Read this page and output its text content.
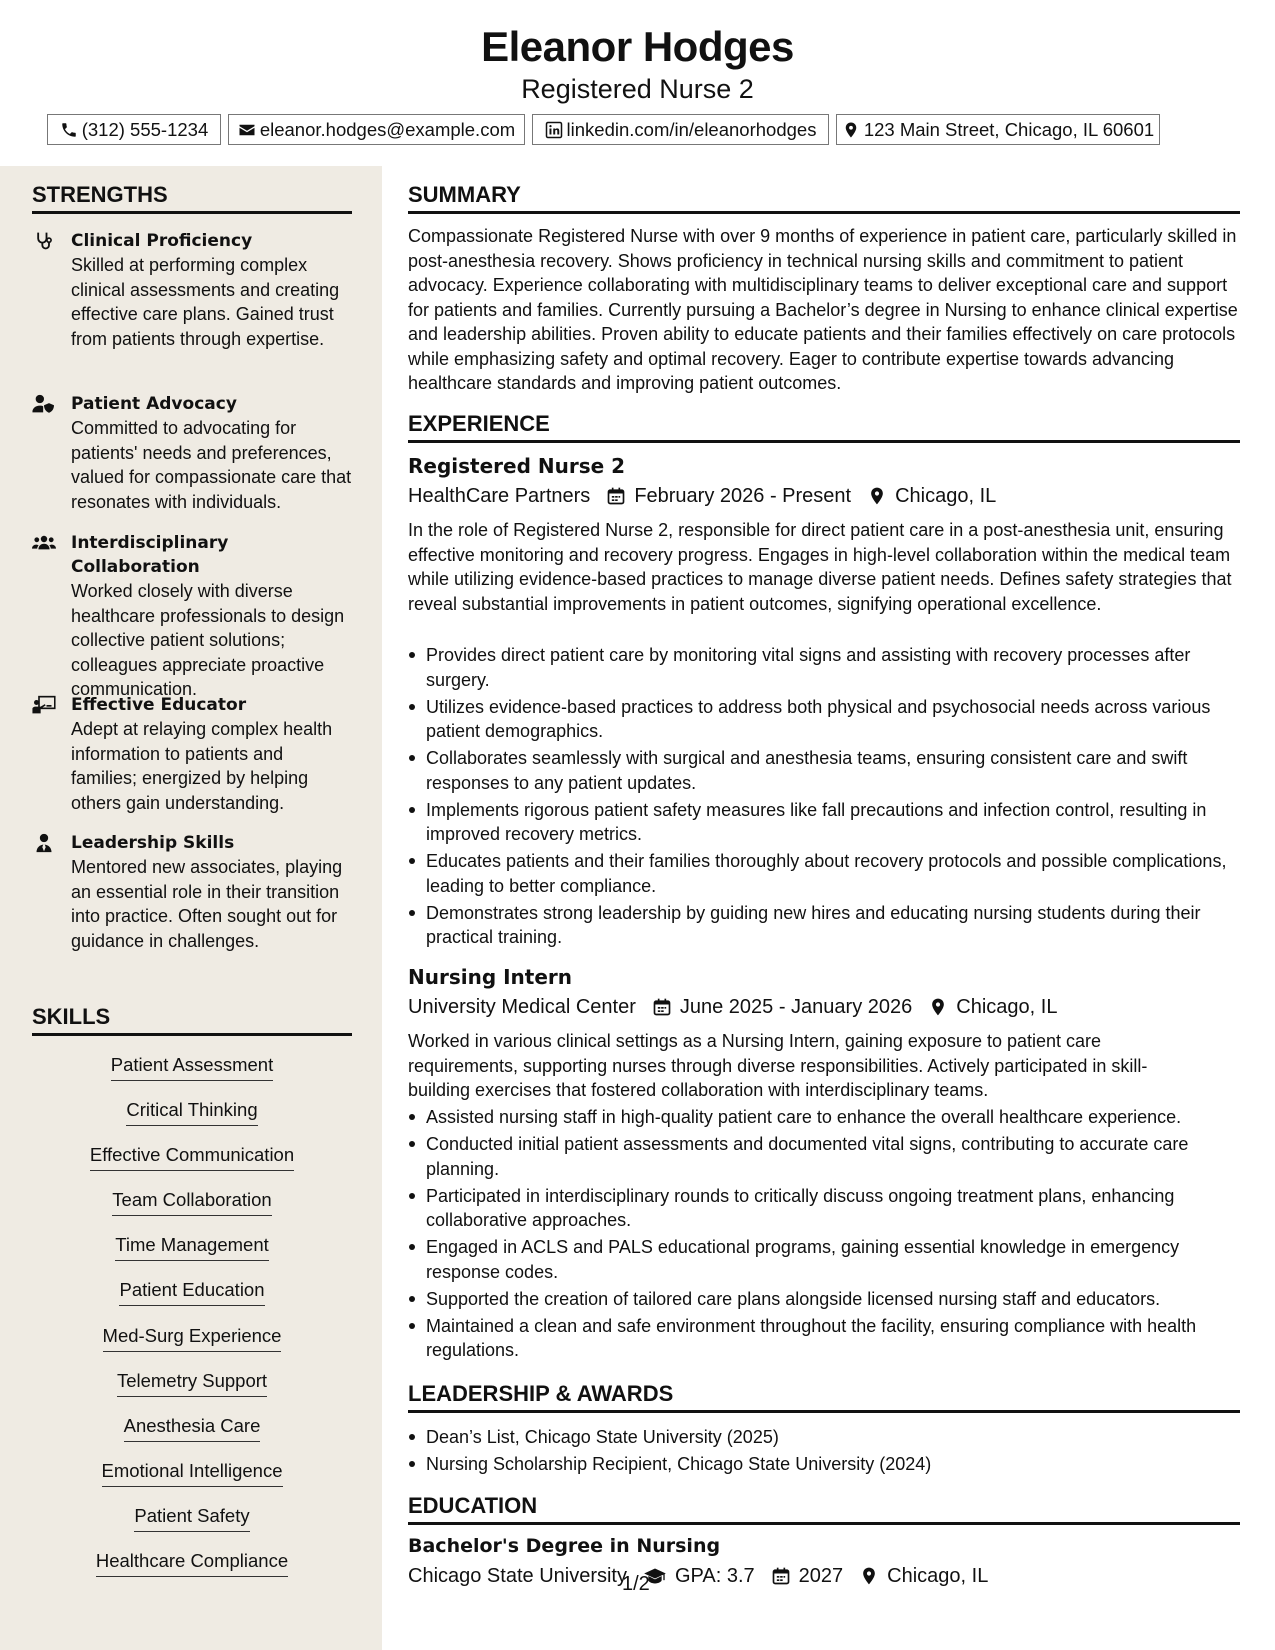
Eleanor Hodges
Registered Nurse 2
(312) 555-1234	eleanor.hodges@example.com	linkedin.com/in/eleanorhodges	123 Main Street, Chicago, IL 60601
STRENGTHS
Clinical Proficiency
Skilled at performing complex clinical assessments and creating effective care plans. Gained trust from patients through expertise.
Patient Advocacy
Committed to advocating for patients' needs and preferences, valued for compassionate care that resonates with individuals.
Interdisciplinary Collaboration
Worked closely with diverse healthcare professionals to design collective patient solutions; colleagues appreciate proactive communication.
Effective Educator
Adept at relaying complex health information to patients and families; energized by helping others gain understanding.
Leadership Skills
Mentored new associates, playing an essential role in their transition into practice. Often sought out for guidance in challenges.
SKILLS
Patient Assessment
Critical Thinking
Effective Communication
Team Collaboration
Time Management
Patient Education
Med-Surg Experience
Telemetry Support
Anesthesia Care
Emotional Intelligence
Patient Safety
Healthcare Compliance
SUMMARY
Compassionate Registered Nurse with over 9 months of experience in patient care, particularly skilled in post-anesthesia recovery. Shows proficiency in technical nursing skills and commitment to patient advocacy. Experience collaborating with multidisciplinary teams to deliver exceptional care and support for patients and families. Currently pursuing a Bachelor’s degree in Nursing to enhance clinical expertise and leadership abilities. Proven ability to educate patients and their families effectively on care protocols while emphasizing safety and optimal recovery. Eager to contribute expertise towards advancing healthcare standards and improving patient outcomes.
EXPERIENCE
Registered Nurse 2
HealthCare Partners February 2026 - Present Chicago, IL
In the role of Registered Nurse 2, responsible for direct patient care in a post-anesthesia unit, ensuring effective monitoring and recovery progress. Engages in high-level collaboration within the medical team while utilizing evidence-based practices to manage diverse patient needs. Defines safety strategies that reveal substantial improvements in patient outcomes, signifying operational excellence.
Provides direct patient care by monitoring vital signs and assisting with recovery processes after surgery.
Utilizes evidence-based practices to address both physical and psychosocial needs across various patient demographics.
Collaborates seamlessly with surgical and anesthesia teams, ensuring consistent care and swift responses to any patient updates.
Implements rigorous patient safety measures like fall precautions and infection control, resulting in improved recovery metrics.
Educates patients and their families thoroughly about recovery protocols and possible complications, leading to better compliance.
Demonstrates strong leadership by guiding new hires and educating nursing students during their practical training.
Nursing Intern
University Medical Center June 2025 - January 2026 Chicago, IL
Worked in various clinical settings as a Nursing Intern, gaining exposure to patient care requirements, supporting nurses through diverse responsibilities. Actively participated in skill-building exercises that fostered collaboration with interdisciplinary teams.
Assisted nursing staff in high-quality patient care to enhance the overall healthcare experience.
Conducted initial patient assessments and documented vital signs, contributing to accurate care planning.
Participated in interdisciplinary rounds to critically discuss ongoing treatment plans, enhancing collaborative approaches.
Engaged in ACLS and PALS educational programs, gaining essential knowledge in emergency response codes.
Supported the creation of tailored care plans alongside licensed nursing staff and educators.
Maintained a clean and safe environment throughout the facility, ensuring compliance with health regulations.
LEADERSHIP & AWARDS
Dean’s List, Chicago State University (2025)
Nursing Scholarship Recipient, Chicago State University (2024)
EDUCATION
Bachelor's Degree in Nursing
Chicago State University GPA: 3.7 2027 Chicago, IL
1/2
